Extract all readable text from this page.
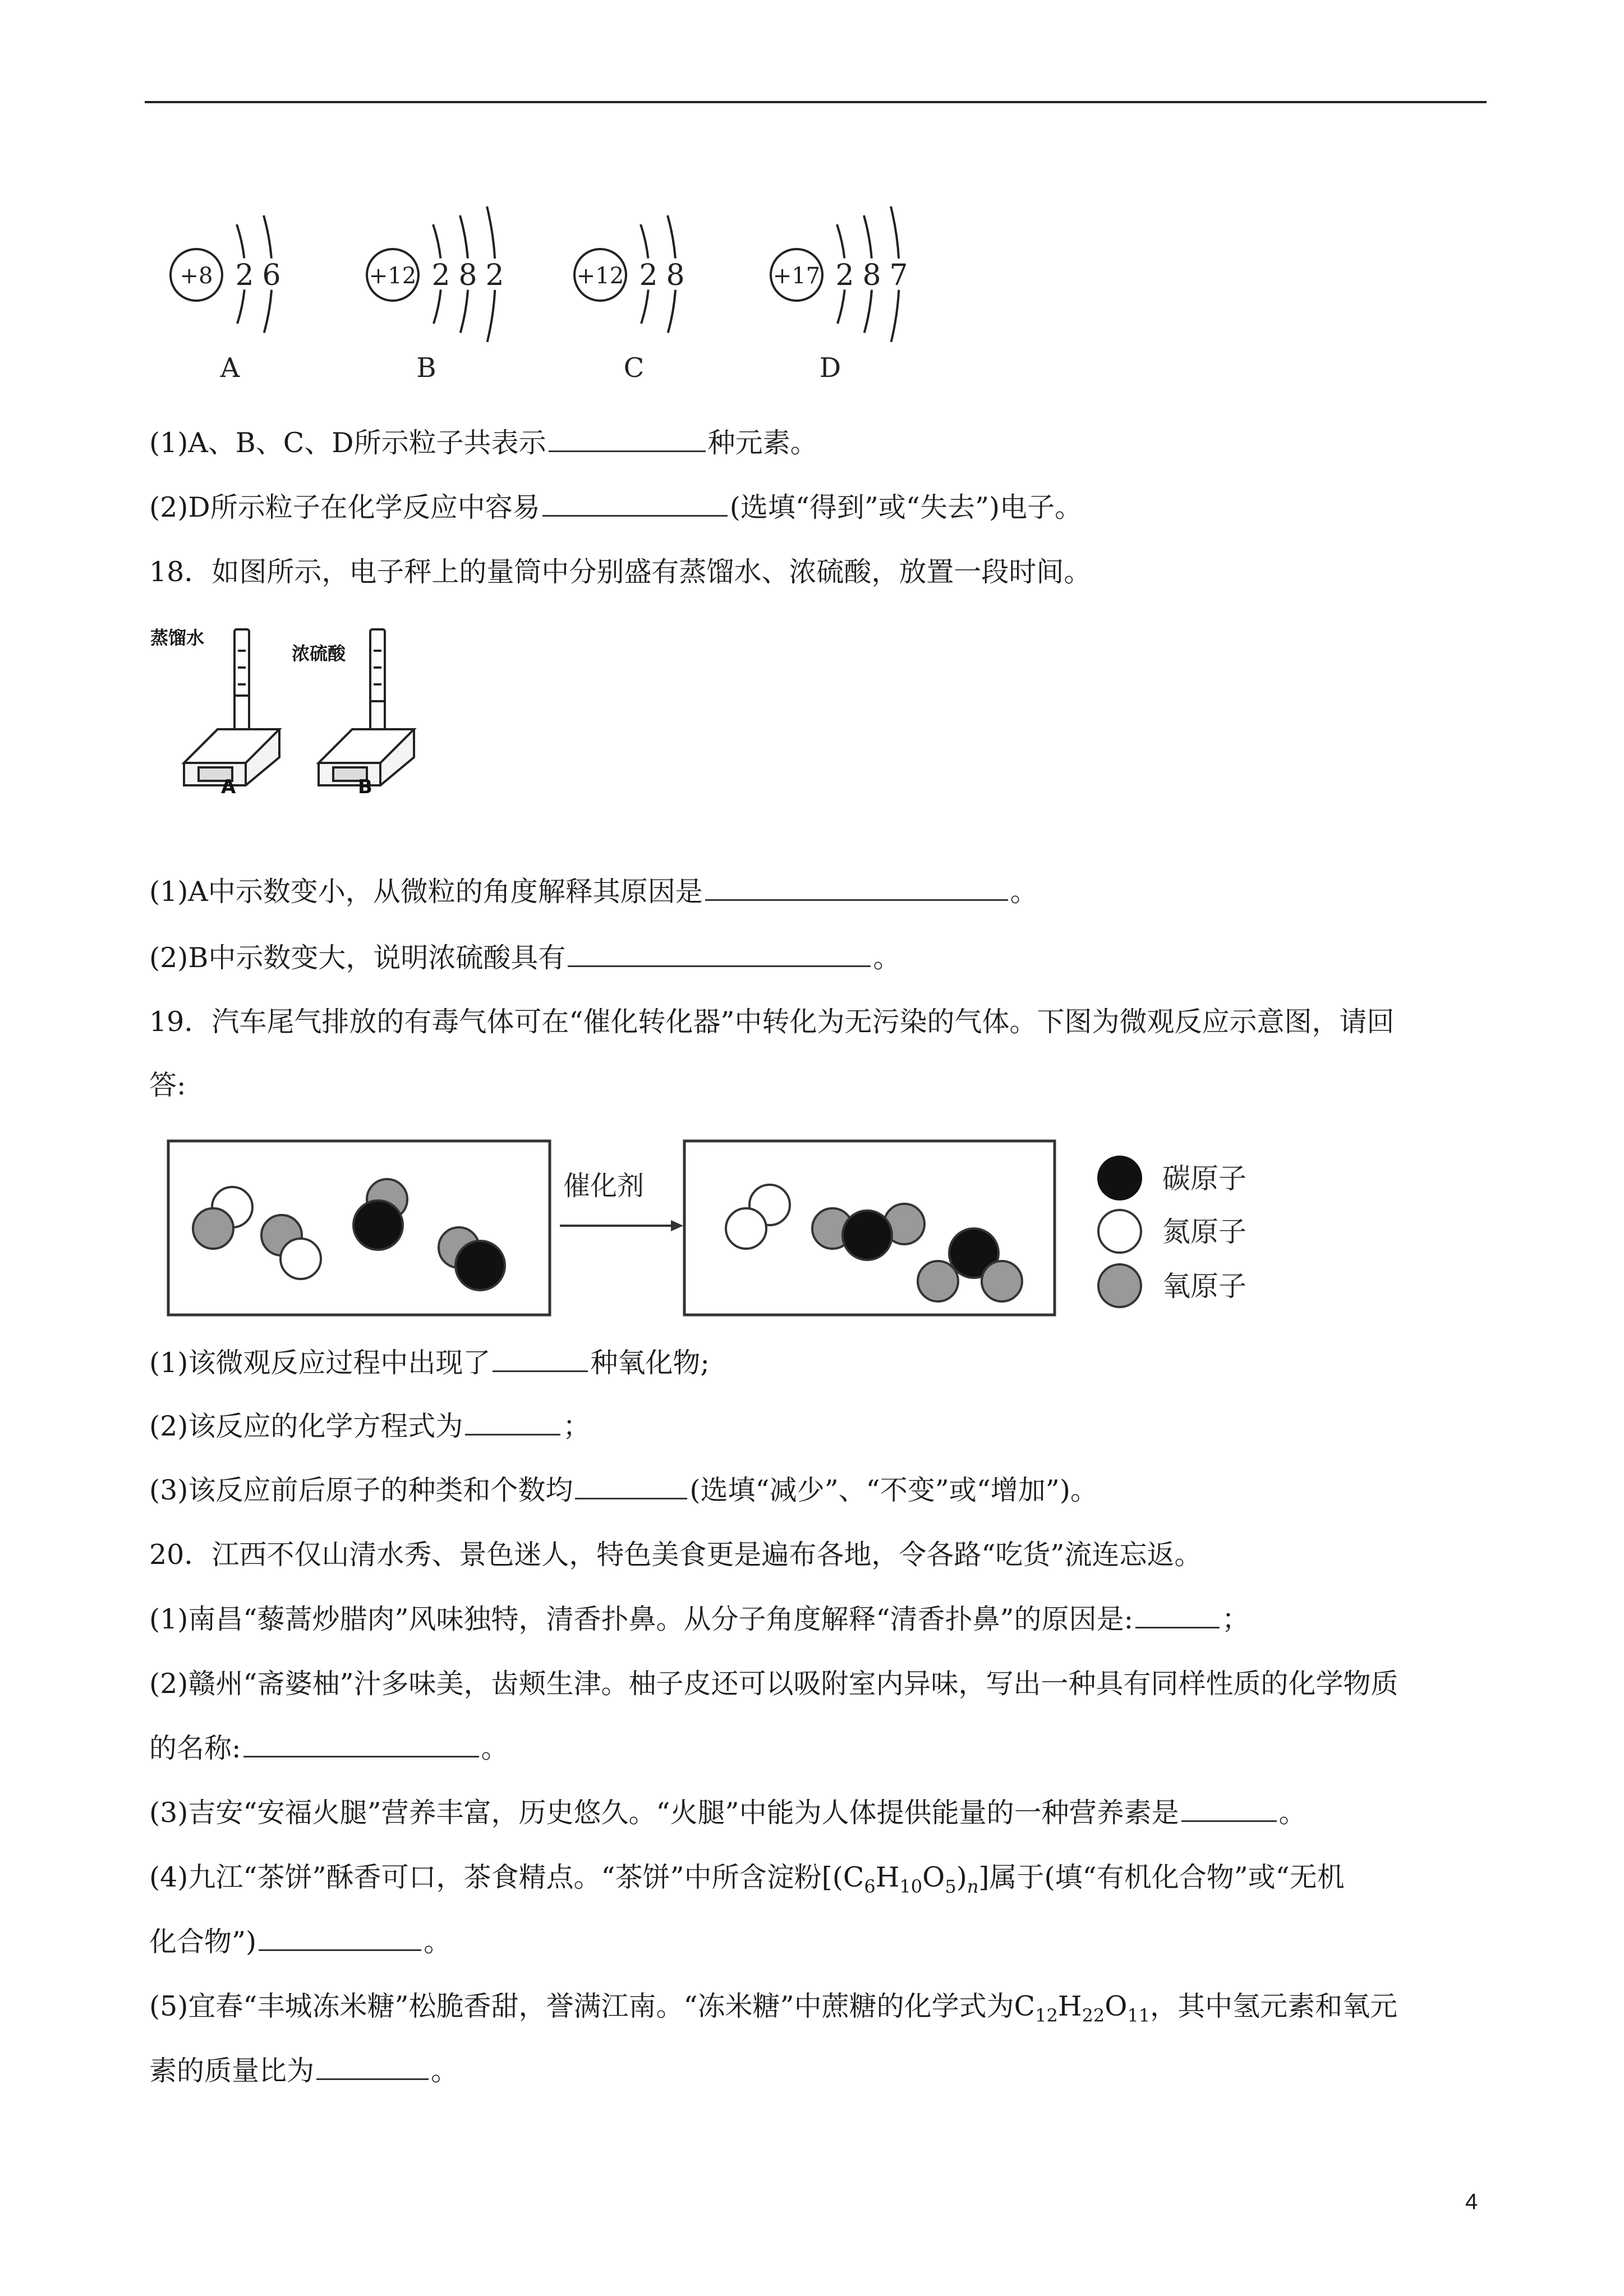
+8 2 6
A
+12 2 8 2
B
+12 2 8
C
+17 2 8 7
D
(1)A、B、C、D所示粒子共表示	种元素。
(2)D所示粒子在化学反应中容易	(选填“得到”或“失去”)电子。
18．如图所示，电子秤上的量筒中分别盛有蒸馏水、浓硫酸，放置一段时间。
蒸馏水
浓硫酸
A	B
(1)A中示数变小，从微粒的角度解释其原因是	。
(2)B中示数变大，说明浓硫酸具有	。
19．汽车尾气排放的有毒气体可在“催化转化器”中转化为无污染的气体。下图为微观反应示意图，请回
答:
催化剂	碳原子
氮原子
氧原子
(1)该微观反应过程中出现了	种氧化物;
(2)该反应的化学方程式为	；
(3)该反应前后原子的种类和个数均	(选填“减少”、“不变”或“增加”)。
20．江西不仅山清水秀、景色迷人，特色美食更是遍布各地，令各路“吃货”流连忘返。
(1)南昌“藜蒿炒腊肉”风味独特，清香扑鼻。从分子角度解释“清香扑鼻”的原因是:	；
(2)赣州“斋婆柚”汁多味美，齿颊生津。柚子皮还可以吸附室内异味，写出一种具有同样性质的化学物质
的名称:	。
(3)吉安“安福火腿”营养丰富，历史悠久。“火腿”中能为人体提供能量的一种营养素是	。
(4)九江“茶饼”酥香可口，茶食精点。“茶饼”中所含淀粉$[(C_6H_{10}O_5)_n]$属于(填“有机化合物”或“无机
化合物”)	。
(5)宜春“丰城冻米糖”松脆香甜，誉满江南。“冻米糖”中蔗糖的化学式为$C_{12}H_{22}O_{11}$，其中氢元素和氧元
素的质量比为	。
4
